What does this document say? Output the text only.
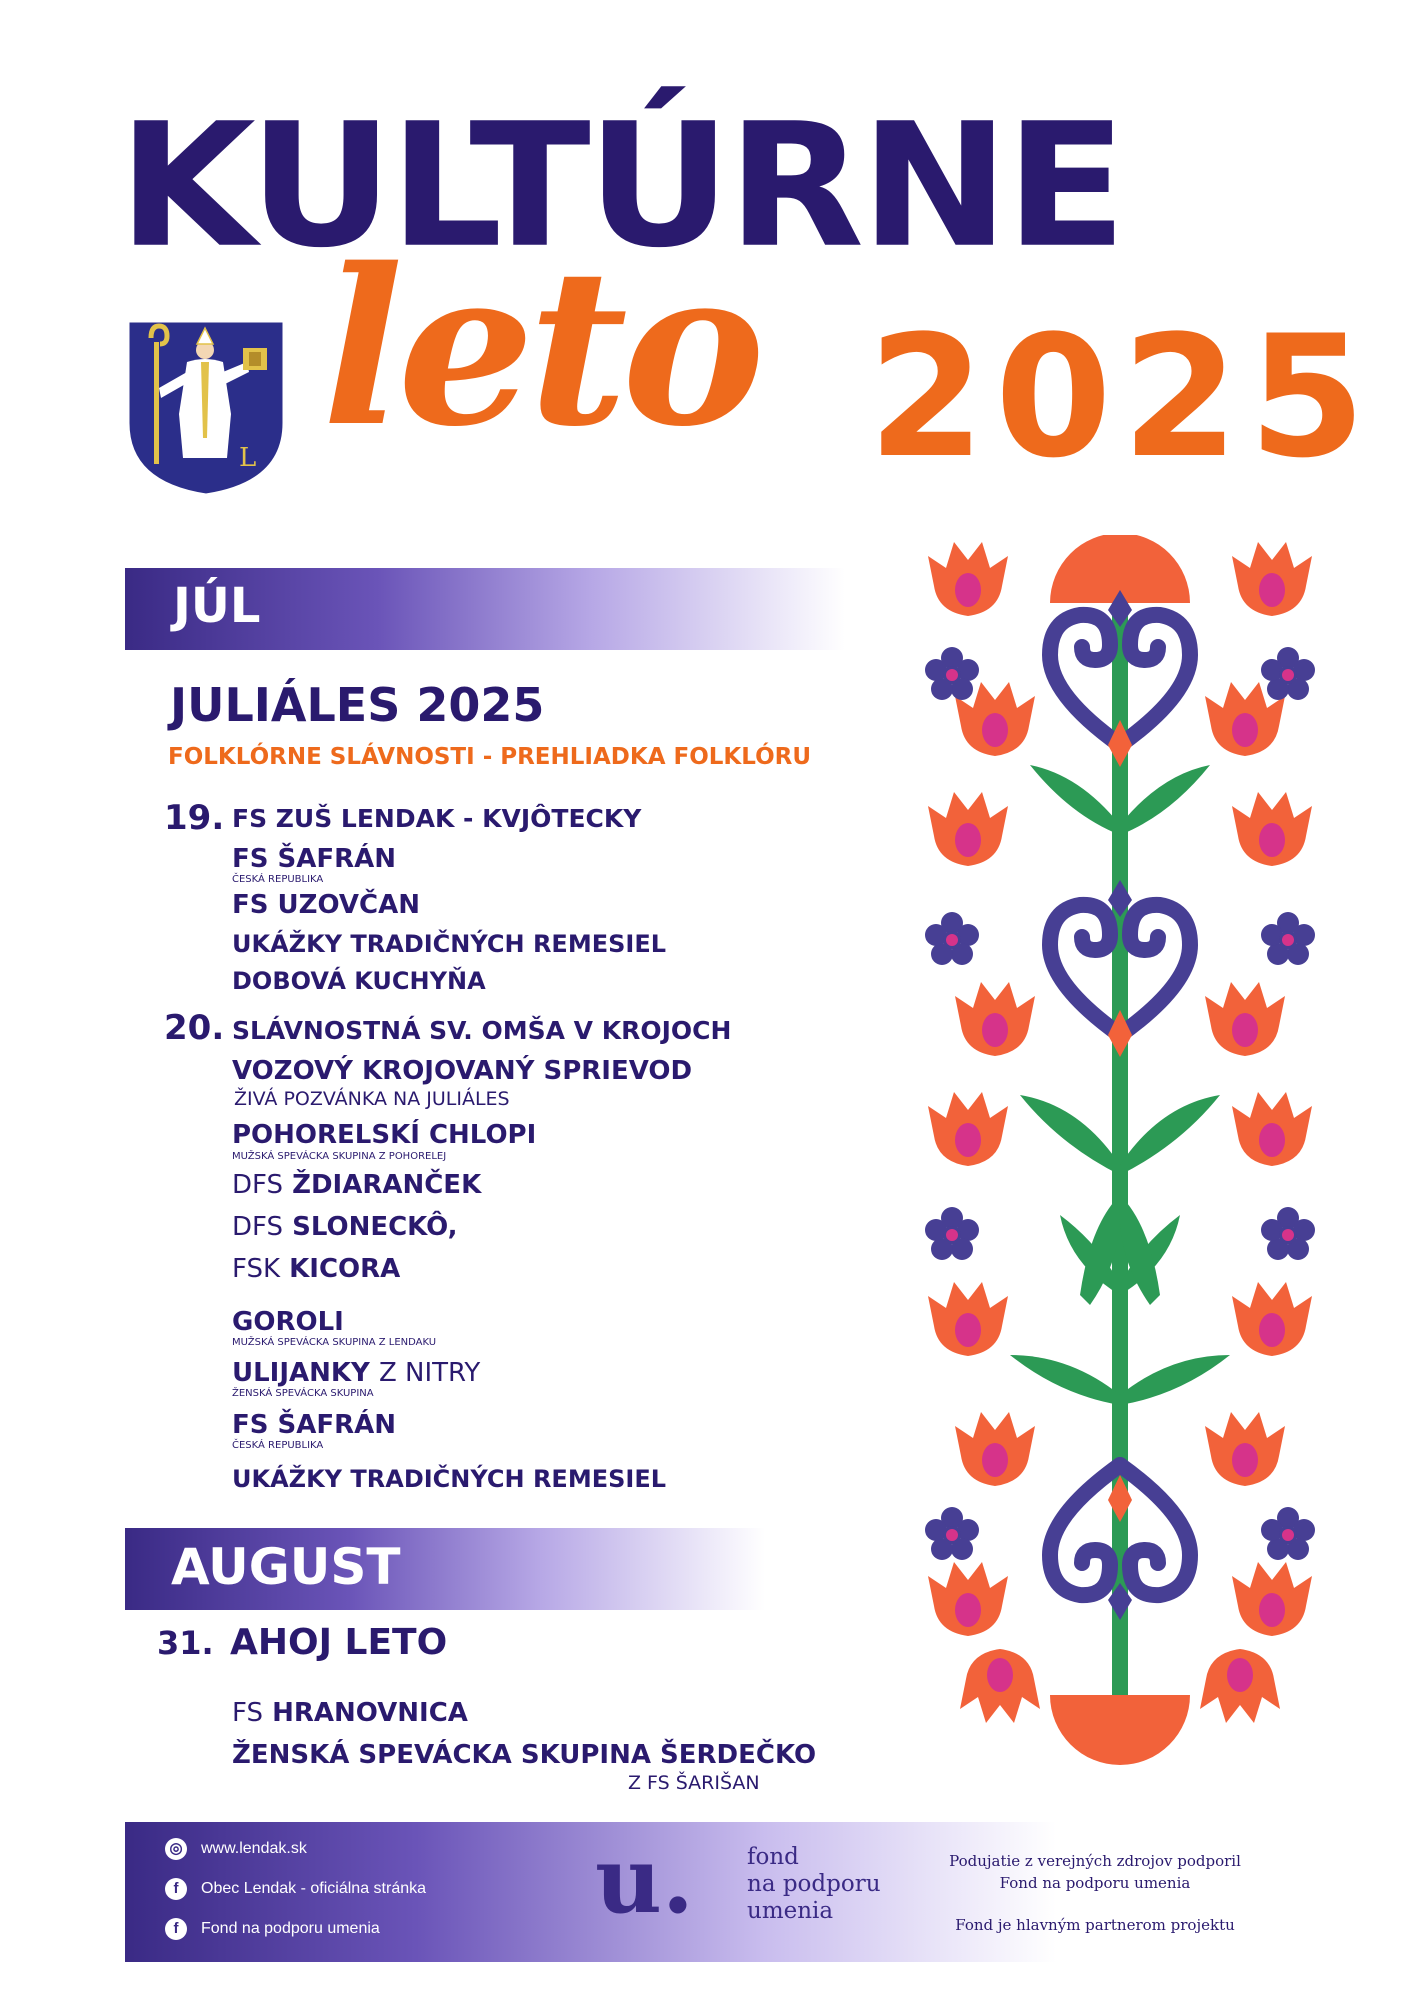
KULTÚRNE
L leto 2025
JÚL
JULIÁLES 2025
FOLKLÓRNE SLÁVNOSTI - PREHLIADKA FOLKLÓRU
19. FS ZUŠ LENDAK - KVJÔTECKY
FS ŠAFRÁN
ČESKÁ REPUBLIKA
FS UZOVČAN
UKÁŽKY TRADIČNÝCH REMESIEL
DOBOVÁ KUCHYŇA
20. SLÁVNOSTNÁ SV. OMŠA V KROJOCH
VOZOVÝ KROJOVANÝ SPRIEVOD
ŽIVÁ POZVÁNKA NA JULIÁLES
POHORELSKÍ CHLOPI
MUŽSKÁ SPEVÁCKA SKUPINA Z POHORELEJ
DFS ŽDIARANČEK
DFS SLONECKÔ,
FSK KICORA
GOROLI
MUŽSKÁ SPEVÁCKA SKUPINA Z LENDAKU
ULIJANKY Z NITRY
ŽENSKÁ SPEVÁCKA SKUPINA
FS ŠAFRÁN
ČESKÁ REPUBLIKA
UKÁŽKY TRADIČNÝCH REMESIEL
AUGUST
31. AHOJ LETO
FS HRANOVNICA
ŽENSKÁ SPEVÁCKA SKUPINA ŠERDEČKO
Z FS ŠARIŠAN
◎ www.lendak.sk
f Obec Lendak - oficiálna stránka
f Fond na podporu umenia u. fond
na podporu
umenia
Podujatie z verejných zdrojov podporil
Fond na podporu umenia
Fond je hlavným partnerom projektu
